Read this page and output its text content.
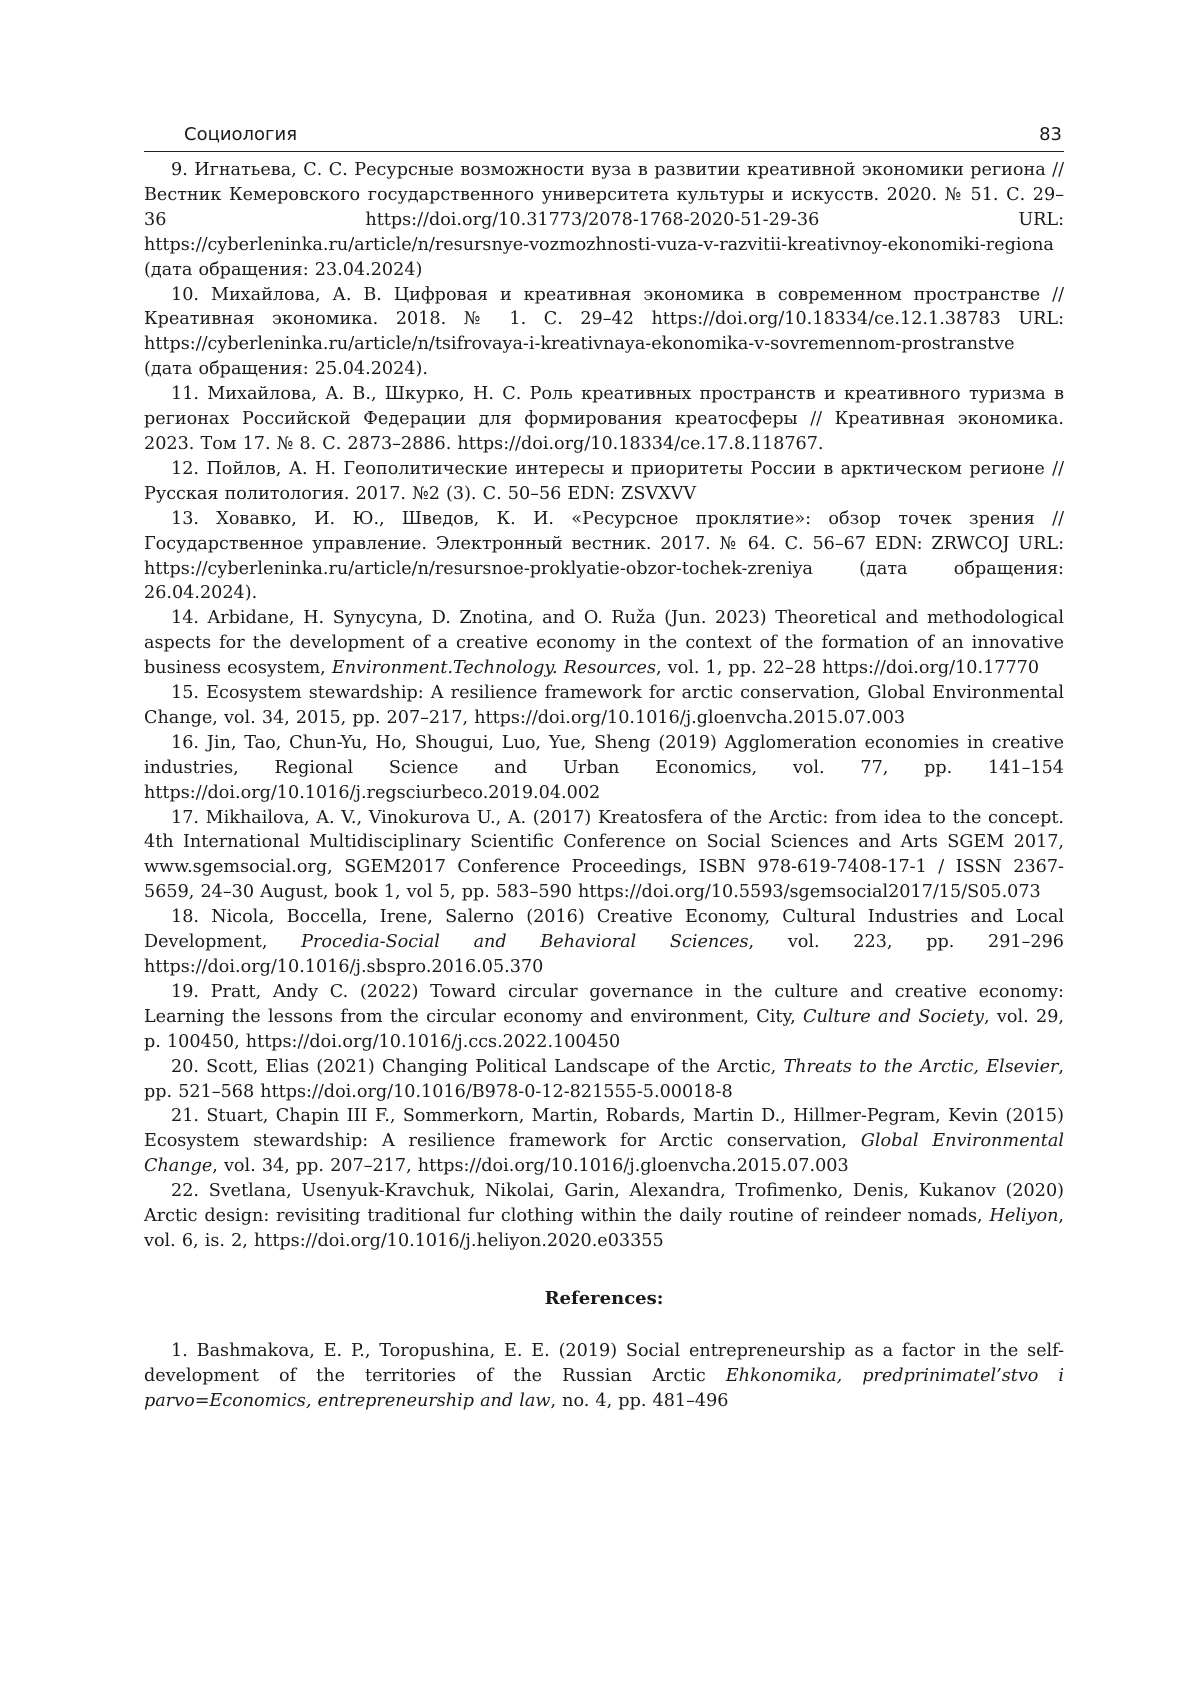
Социология	83

9. Игнатьева, С. С. Ресурсные возможности вуза в развитии креативной экономики региона // Вестник Кемеровского государственного университета культуры и искусств. 2020. № 51. С. 29–36 https://doi.org/10.31773/2078-1768-2020-51-29-36 URL: https://cyberleninka.ru/article/n/resursnye-vozmozhnosti-vuza-v-razvitii-kreativnoy-ekonomiki-regiona (дата обращения: 23.04.2024)

10. Михайлова, А. В. Цифровая и креативная экономика в современном пространстве // Креативная экономика. 2018. № 1. С. 29–42 https://doi.org/10.18334/ce.12.1.38783 URL: https://cyberleninka.ru/article/n/tsifrovaya-i-kreativnaya-ekonomika-v-sovremennom-prostranstve (дата обращения: 25.04.2024).

11. Михайлова, А. В., Шкурко, Н. С. Роль креативных пространств и креативного туризма в регионах Российской Федерации для формирования креатосферы // Креативная экономика. 2023. Том 17. № 8. С. 2873–2886. https://doi.org/10.18334/ce.17.8.118767.

12. Пойлов, А. Н. Геополитические интересы и приоритеты России в арктическом регионе // Русская политология. 2017. №2 (3). С. 50–56 EDN: ZSVXVV

13. Ховавко, И. Ю., Шведов, К. И. «Ресурсное проклятие»: обзор точек зрения // Государственное управление. Электронный вестник. 2017. № 64. С. 56–67 EDN: ZRWCOJ URL: https://cyberleninka.ru/article/n/resursnoe-proklyatie-obzor-tochek-zreniya (дата обращения: 26.04.2024).

14. Arbidane, H. Synycyna, D. Znotina, and O. Ruža (Jun. 2023) Theoretical and methodological aspects for the development of a creative economy in the context of the formation of an innovative business ecosystem, Environment.Technology. Resources, vol. 1, pp. 22–28 https://doi.org/10.17770

15. Ecosystem stewardship: A resilience framework for arctic conservation, Global Environmental Change, vol. 34, 2015, pp. 207–217, https://doi.org/10.1016/j.gloenvcha.2015.07.003

16. Jin, Tao, Chun-Yu, Ho, Shougui, Luo, Yue, Sheng (2019) Agglomeration economies in creative industries, Regional Science and Urban Economics, vol. 77, pp. 141–154 https://doi.org/10.1016/j.regsciurbeco.2019.04.002

17. Mikhailova, A. V., Vinokurova U., A. (2017) Kreatosfera of the Arctic: from idea to the concept. 4th International Multidisciplinary Scientific Conference on Social Sciences and Arts SGEM 2017, www.sgemsocial.org, SGEM2017 Conference Proceedings, ISBN 978-619-7408-17-1 / ISSN 2367-5659, 24–30 August, book 1, vol 5, pp. 583–590 https://doi.org/10.5593/sgemsocial2017/15/S05.073

18. Nicola, Boccella, Irene, Salerno (2016) Creative Economy, Cultural Industries and Local Development, Procedia-Social and Behavioral Sciences, vol. 223, pp. 291–296 https://doi.org/10.1016/j.sbspro.2016.05.370

19. Pratt, Andy C. (2022) Toward circular governance in the culture and creative economy: Learning the lessons from the circular economy and environment, City, Culture and Society, vol. 29, p. 100450, https://doi.org/10.1016/j.ccs.2022.100450

20. Scott, Elias (2021) Changing Political Landscape of the Arctic, Threats to the Arctic, Elsevier, pp. 521–568 https://doi.org/10.1016/B978-0-12-821555-5.00018-8

21. Stuart, Chapin III F., Sommerkorn, Martin, Robards, Martin D., Hillmer-Pegram, Kevin (2015) Ecosystem stewardship: A resilience framework for Arctic conservation, Global Environmental Change, vol. 34, pp. 207–217, https://doi.org/10.1016/j.gloenvcha.2015.07.003

22. Svetlana, Usenyuk-Kravchuk, Nikolai, Garin, Alexandra, Trofimenko, Denis, Kukanov (2020) Arctic design: revisiting traditional fur clothing within the daily routine of reindeer nomads, Heliyon, vol. 6, is. 2, https://doi.org/10.1016/j.heliyon.2020.e03355

References:

1. Bashmakova, E. P., Toropushina, E. E. (2019) Social entrepreneurship as a factor in the self-development of the territories of the Russian Arctic Ehkonomika, predprinimatel’stvo i parvo=Economics, entrepreneurship and law, no. 4, pp. 481–496
